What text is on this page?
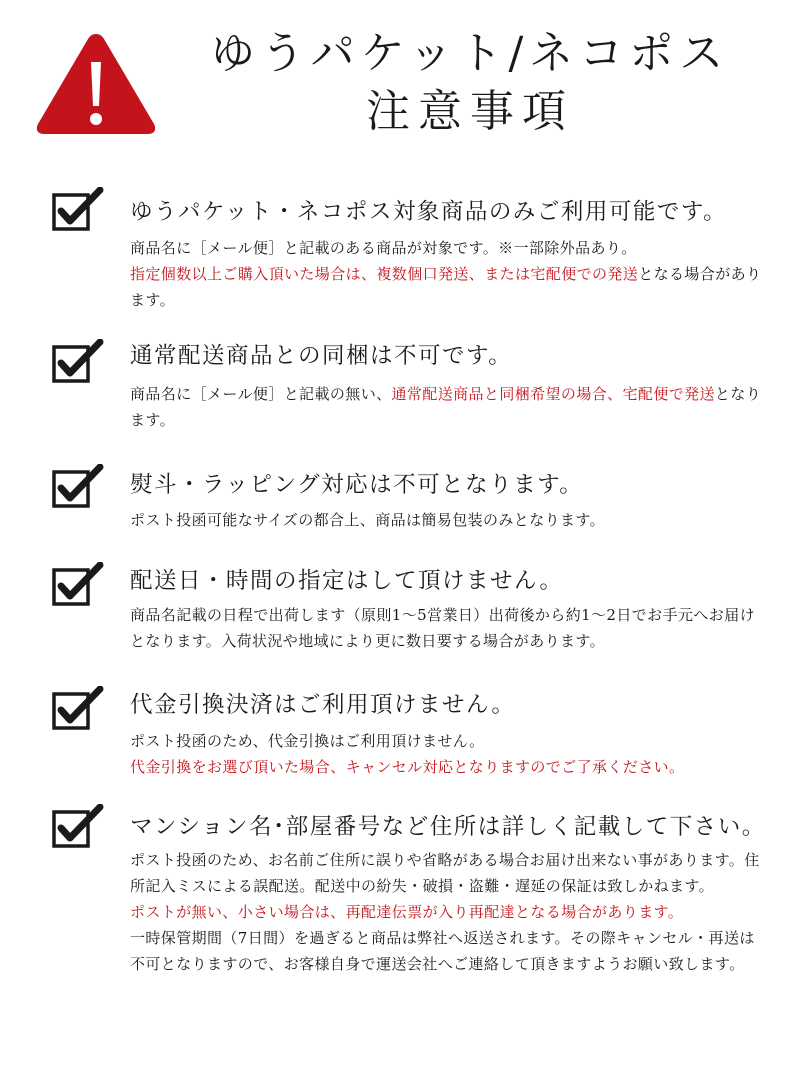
ゆうパケット/ネコポス
注意事項
ゆうパケット・ネコポス対象商品のみご利用可能です。

商品名に［メール便］と記載のある商品が対象です。※一部除外品あり。

指定個数以上ご購入頂いた場合は、複数個口発送、または宅配便での発送となる場合があります。

通常配送商品との同梱は不可です。

商品名に［メール便］と記載の無い、通常配送商品と同梱希望の場合、宅配便で発送となります。

熨斗・ラッピング対応は不可となります。

ポスト投函可能なサイズの都合上、商品は簡易包装のみとなります。

配送日・時間の指定はして頂けません。

商品名記載の日程で出荷します（原則1～5営業日）出荷後から約1～2日でお手元へお届けとなります。入荷状況や地域により更に数日要する場合があります。

代金引換決済はご利用頂けません。

ポスト投函のため、代金引換はご利用頂けません。

代金引換をお選び頂いた場合、キャンセル対応となりますのでご了承ください。

マンション名･部屋番号など住所は詳しく記載して下さい。

ポスト投函のため、お名前ご住所に誤りや省略がある場合お届け出来ない事があります。住所記入ミスによる誤配送。配送中の紛失・破損・盗難・遅延の保証は致しかねます。

ポストが無い、小さい場合は、再配達伝票が入り再配達となる場合があります。

一時保管期間（7日間）を過ぎると商品は弊社へ返送されます。その際キャンセル・再送は不可となりますので、お客様自身で運送会社へご連絡して頂きますようお願い致します。
